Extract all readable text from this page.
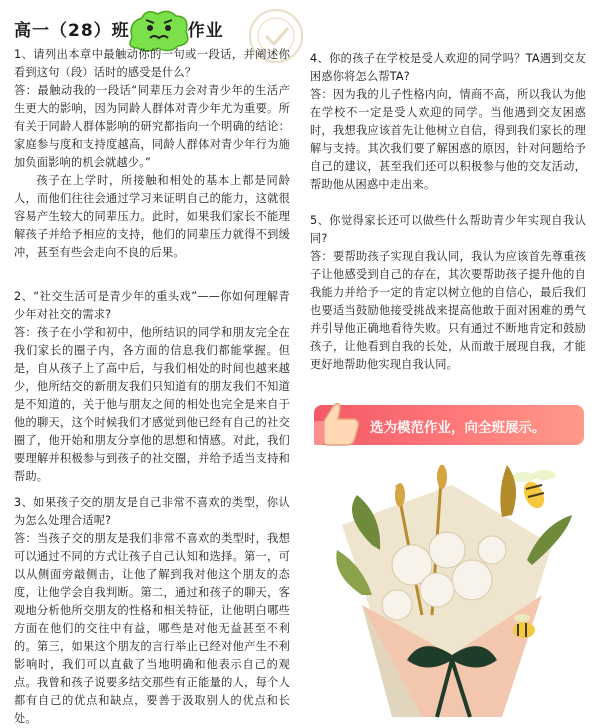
高一（28）班	作业

1、请列出本章中最触动你的一句或一段话，并阐述你看到这句（段）话时的感受是什么？

答：最触动我的一段话“同辈压力会对青少年的生活产生更大的影响，因为同龄人群体对青少年尤为重要。所有关于同龄人群体影响的研究都指向一个明确的结论：家庭参与度和支持度越高，同龄人群体对青少年行为施加负面影响的机会就越少。”

孩子在上学时，所接触和相处的基本上都是同龄人，而他们往往会通过学习来证明自己的能力，这就很容易产生较大的同辈压力。此时，如果我们家长不能理解孩子并给予相应的支持，他们的同辈压力就得不到缓冲，甚至有些会走向不良的后果。

2、“社交生活可是青少年的重头戏”——你如何理解青少年对社交的需求?

答：孩子在小学和初中，他所结识的同学和朋友完全在我们家长的圈子内，各方面的信息我们都能掌握。但是，自从孩子上了高中后，与我们相处的时间也越来越少，他所结交的新朋友我们只知道有的朋友我们不知道是不知道的，关于他与朋友之间的相处也完全是来自于他的聊天，这个时候我们才感觉到他已经有自己的社交圈了，他开始和朋友分享他的思想和情感。对此，我们要理解并积极参与到孩子的社交圈，并给予适当支持和帮助。

3、如果孩子交的朋友是自己非常不喜欢的类型，你认为怎么处理合适呢?

答：当孩子交的朋友是我们非常不喜欢的类型时，我想可以通过不同的方式让孩子自己认知和选择。第一，可以从侧面旁敲侧击，让他了解到我对他这个朋友的态度，让他学会自我判断。第二，通过和孩子的聊天，客观地分析他所交朋友的性格和相关特征，让他明白哪些方面在他们的交往中有益，哪些是对他无益甚至不利的。第三，如果这个朋友的言行举止已经对他产生不利影响时，我们可以直截了当地明确和他表示自己的观点。我曾和孩子说要多结交那些有正能量的人，每个人都有自己的优点和缺点，要善于汲取别人的优点和长处。

4、你的孩子在学校是受人欢迎的同学吗？TA遇到交友困惑你将怎么帮TA?

答：因为我的儿子性格内向，情商不高，所以我认为他在学校不一定是受人欢迎的同学。当他遇到交友困惑时，我想我应该首先让他树立自信，得到我们家长的理解与支持。其次我们要了解困惑的原因，针对问题给予自己的建议，甚至我们还可以积极参与他的交友活动，帮助他从困惑中走出来。

5、你觉得家长还可以做些什么帮助青少年实现自我认同?

答：要帮助孩子实现自我认同，我认为应该首先尊重孩子让他感受到自己的存在，其次要帮助孩子提升他的自我能力并给予一定的肯定以树立他的自信心，最后我们也要适当鼓励他接受挑战来提高他敢于面对困难的勇气并引导他正确地看待失败。只有通过不断地肯定和鼓励孩子，让他看到自我的长处，从而敢于展现自我，才能更好地帮助他实现自我认同。

选为模范作业，向全班展示。
